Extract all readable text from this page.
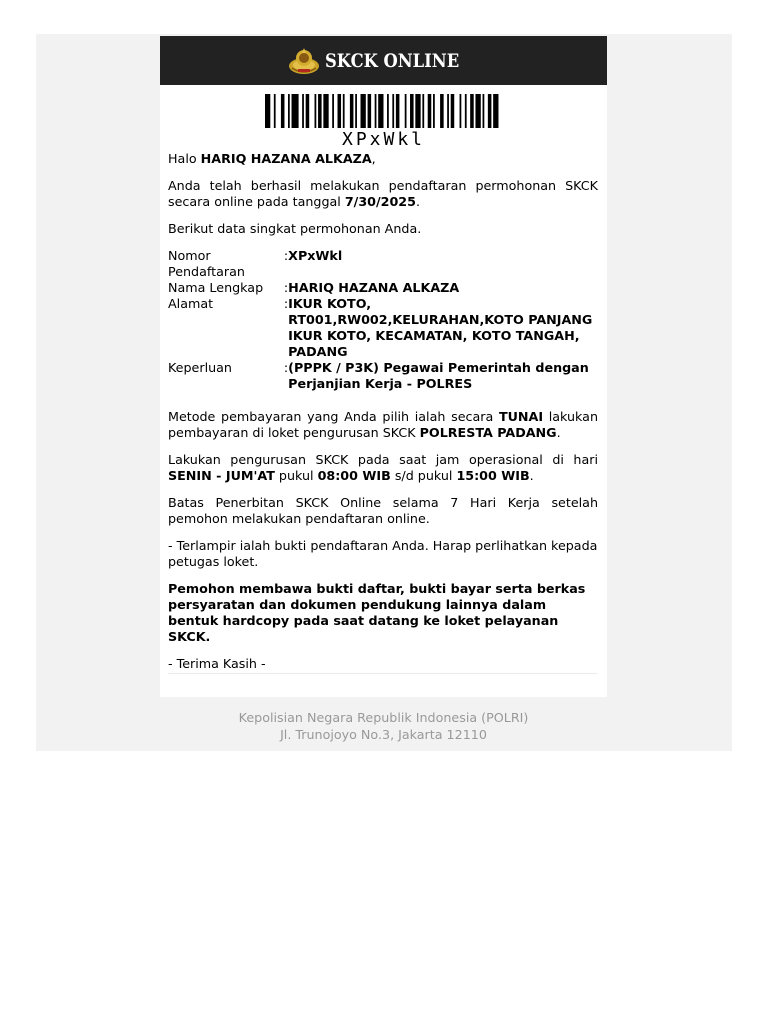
SKCK ONLINE
XPxWkl

Halo HARIQ HAZANA ALKAZA,

Anda telah berhasil melakukan pendaftaran permohonan SKCK secara online pada tanggal 7/30/2025.

Berikut data singkat permohonan Anda.

Nomor Pendaftaran	:	XPxWkl
Nama Lengkap	:	HARIQ HAZANA ALKAZA
Alamat	:	IKUR KOTO, RT001,RW002,KELURAHAN,KOTO PANJANG IKUR KOTO, KECAMATAN, KOTO TANGAH, PADANG
Keperluan	:	(PPPK / P3K) Pegawai Pemerintah dengan Perjanjian Kerja - POLRES

Metode pembayaran yang Anda pilih ialah secara TUNAI lakukan pembayaran di loket pengurusan SKCK POLRESTA PADANG.

Lakukan pengurusan SKCK pada saat jam operasional di hari SENIN - JUM'AT pukul 08:00 WIB s/d pukul 15:00 WIB.

Batas Penerbitan SKCK Online selama 7 Hari Kerja setelah pemohon melakukan pendaftaran online.

- Terlampir ialah bukti pendaftaran Anda. Harap perlihatkan kepada petugas loket.

Pemohon membawa bukti daftar, bukti bayar serta berkas persyaratan dan dokumen pendukung lainnya dalam bentuk hardcopy pada saat datang ke loket pelayanan SKCK.

- Terima Kasih -

Kepolisian Negara Republik Indonesia (POLRI)
Jl. Trunojoyo No.3, Jakarta 12110
